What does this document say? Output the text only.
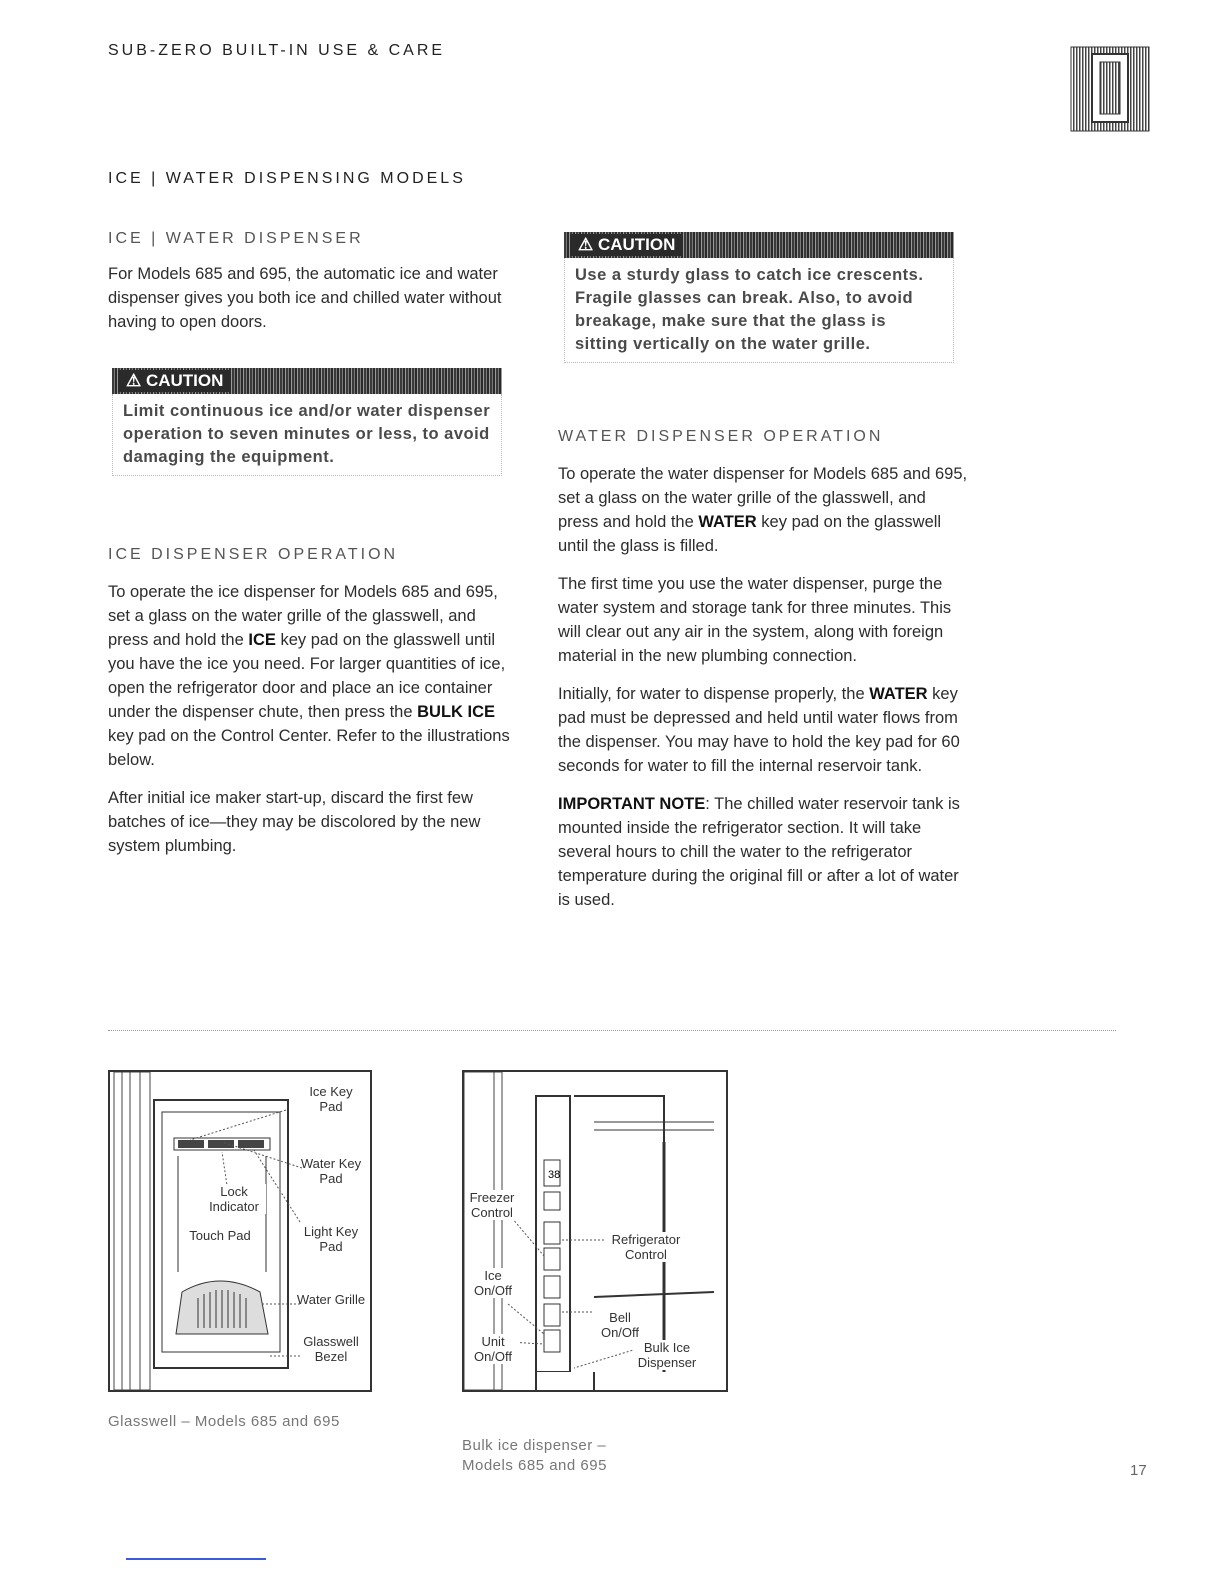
SUB-ZERO BUILT-IN USE & CARE
ICE | WATER DISPENSING MODELS
ICE | WATER DISPENSER

For Models 685 and 695, the automatic ice and water dispenser gives you both ice and chilled water without having to open doors.

⚠ CAUTION
Limit continuous ice and/or water dispenser operation to seven minutes or less, to avoid damaging the equipment.
ICE DISPENSER OPERATION

To operate the ice dispenser for Models 685 and 695, set a glass on the water grille of the glasswell, and press and hold the ICE key pad on the glasswell until you have the ice you need. For larger quantities of ice, open the refrigerator door and place an ice container under the dispenser chute, then press the BULK ICE key pad on the Control Center. Refer to the illustrations below.

After initial ice maker start-up, discard the first few batches of ice—they may be discolored by the new system plumbing.

⚠ CAUTION
Use a sturdy glass to catch ice crescents. Fragile glasses can break. Also, to avoid breakage, make sure that the glass is sitting vertically on the water grille.
WATER DISPENSER OPERATION

To operate the water dispenser for Models 685 and 695, set a glass on the water grille of the glasswell, and press and hold the WATER key pad on the glasswell until the glass is filled.

The first time you use the water dispenser, purge the water system and storage tank for three minutes. This will clear out any air in the system, along with foreign material in the new plumbing connection.

Initially, for water to dispense properly, the WATER key pad must be depressed and held until water flows from the dispenser. You may have to hold the key pad for 60 seconds for water to fill the internal reservoir tank.

IMPORTANT NOTE: The chilled water reservoir tank is mounted inside the refrigerator section. It will take several hours to chill the water to the refrigerator temperature during the original fill or after a lot of water is used.

Ice Key Pad
Water Key Pad
Lock Indicator
Touch Pad	Light Key Pad
Water Grille
Glasswell Bezel
Glasswell – Models 685 and 695
38
Freezer Control
Ice On/Off
Unit On/Off
Refrigerator Control
Bell On/Off
Bulk Ice Dispenser
Bulk ice dispenser –
Models 685 and 695	17
